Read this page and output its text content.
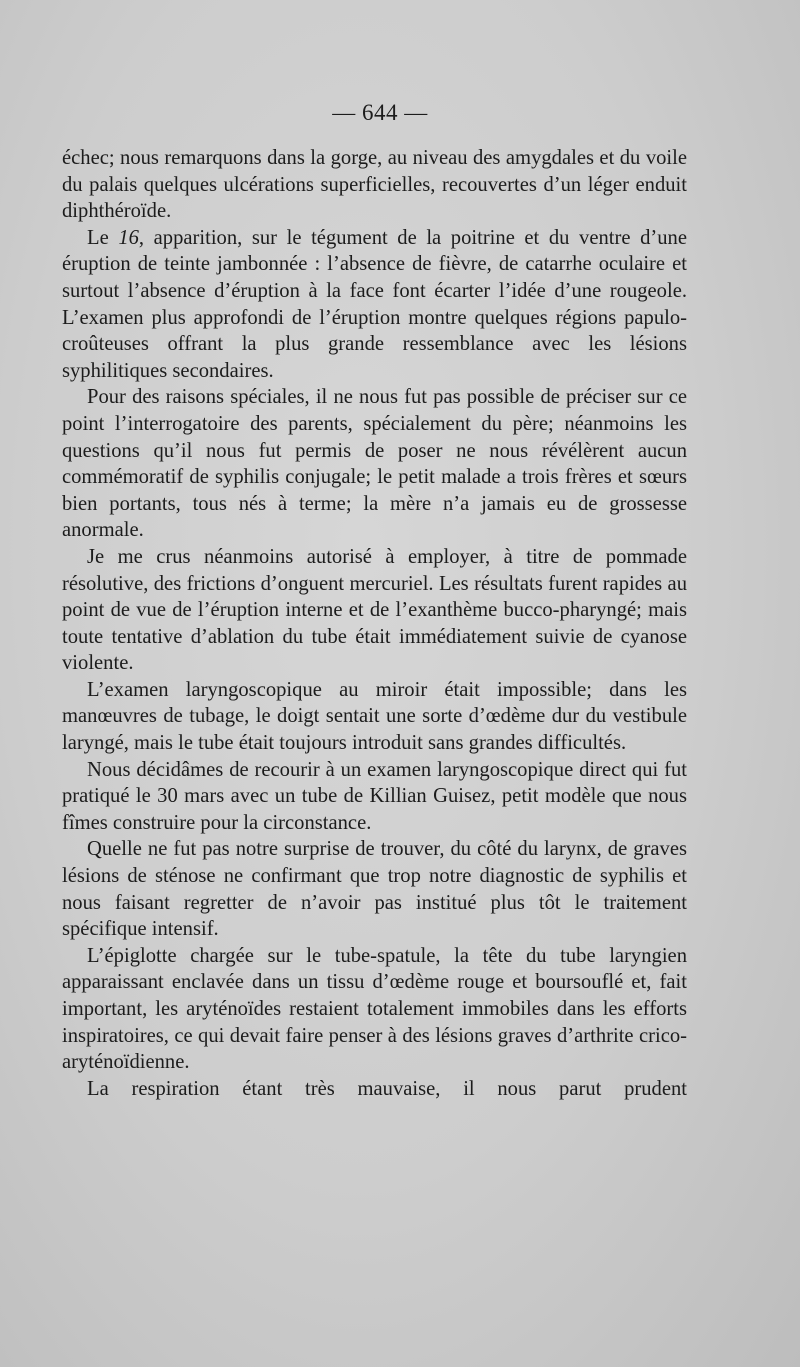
— 644 —

échec; nous remarquons dans la gorge, au niveau des amygdales et du voile du palais quelques ulcérations superficielles, recouvertes d’un léger enduit diphthéroïde.

Le 16, apparition, sur le tégument de la poitrine et du ventre d’une éruption de teinte jambonnée : l’absence de fièvre, de catarrhe oculaire et surtout l’absence d’éruption à la face font écarter l’idée d’une rougeole. L’examen plus approfondi de l’éruption montre quelques régions papulo-croûteuses offrant la plus grande ressemblance avec les lésions syphilitiques secondaires.

Pour des raisons spéciales, il ne nous fut pas possible de préciser sur ce point l’interrogatoire des parents, spécialement du père; néanmoins les questions qu’il nous fut permis de poser ne nous révélèrent aucun commémoratif de syphilis conjugale; le petit malade a trois frères et sœurs bien portants, tous nés à terme; la mère n’a jamais eu de grossesse anormale.

Je me crus néanmoins autorisé à employer, à titre de pommade résolutive, des frictions d’onguent mercuriel. Les résultats furent rapides au point de vue de l’éruption interne et de l’exanthème bucco-pharyngé; mais toute tentative d’ablation du tube était immédiatement suivie de cyanose violente.

L’examen laryngoscopique au miroir était impossible; dans les manœuvres de tubage, le doigt sentait une sorte d’œdème dur du vestibule laryngé, mais le tube était toujours introduit sans grandes difficultés.

Nous décidâmes de recourir à un examen laryngoscopique direct qui fut pratiqué le 30 mars avec un tube de Killian Guisez, petit modèle que nous fîmes construire pour la circonstance.

Quelle ne fut pas notre surprise de trouver, du côté du larynx, de graves lésions de sténose ne confirmant que trop notre diagnostic de syphilis et nous faisant regretter de n’avoir pas institué plus tôt le traitement spécifique intensif.

L’épiglotte chargée sur le tube-spatule, la tête du tube laryngien apparaissant enclavée dans un tissu d’œdème rouge et boursouflé et, fait important, les aryténoïdes restaient totalement immobiles dans les efforts inspiratoires, ce qui devait faire penser à des lésions graves d’arthrite crico-aryténoïdienne.

La respiration étant très mauvaise, il nous parut prudent
